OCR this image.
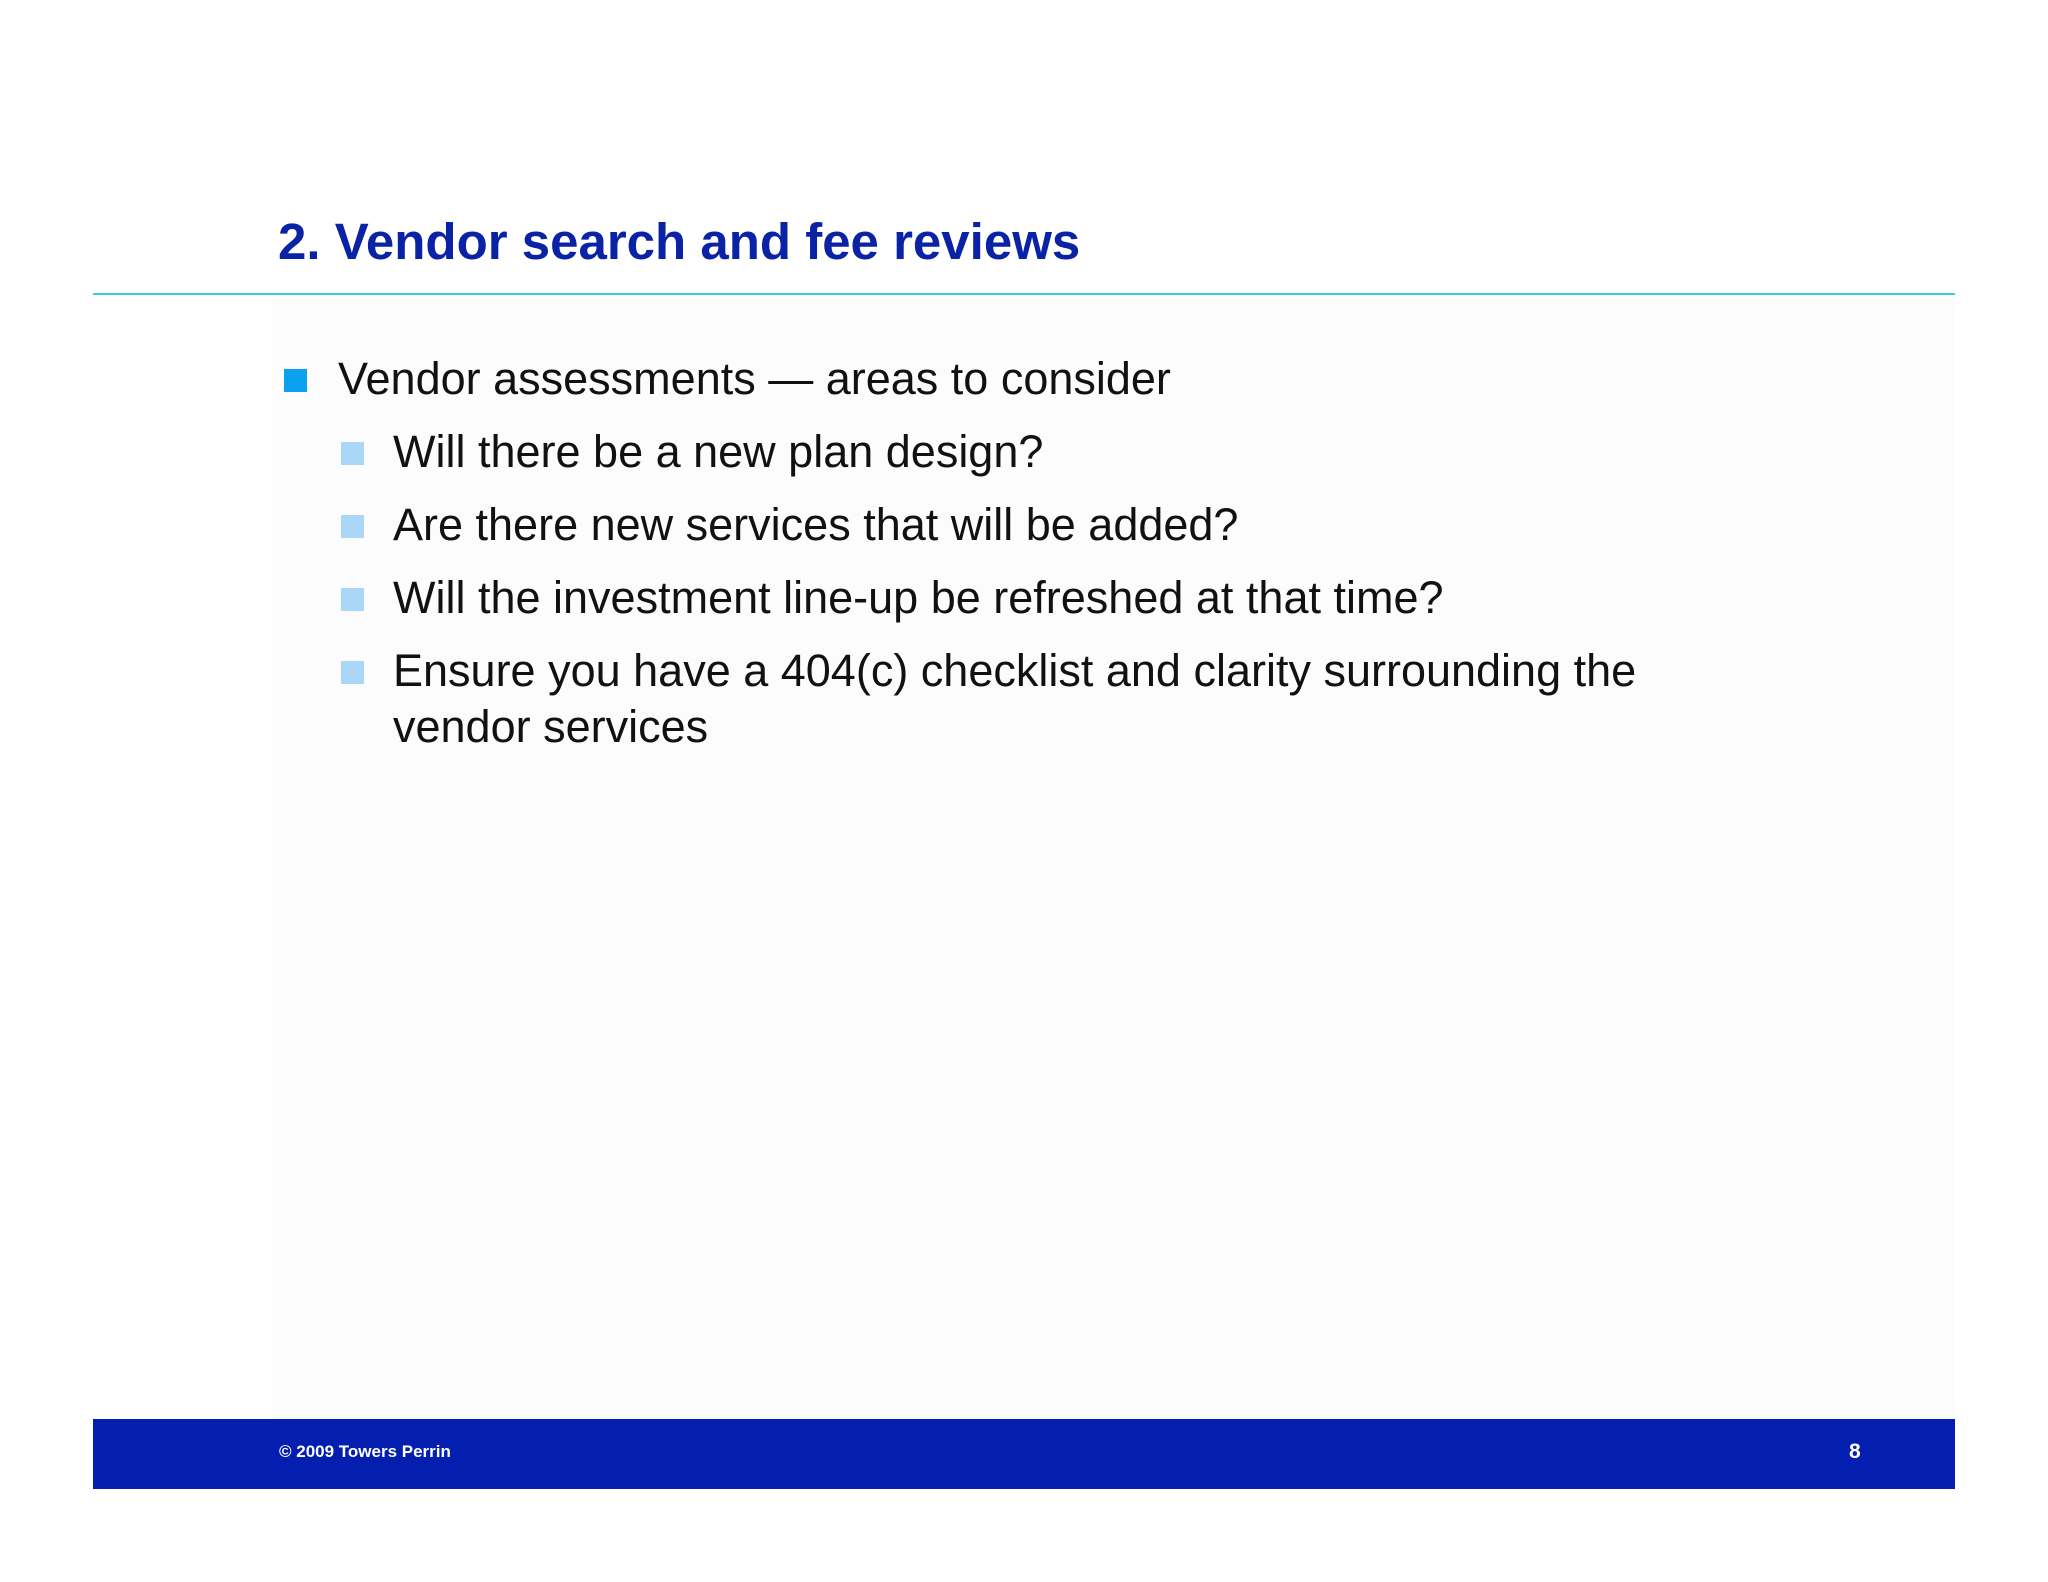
2. Vendor search and fee reviews
Vendor assessments — areas to consider
Will there be a new plan design?
Are there new services that will be added?
Will the investment line-up be refreshed at that time?
Ensure you have a 404(c) checklist and clarity surrounding the vendor services
© 2009 Towers Perrin	8
